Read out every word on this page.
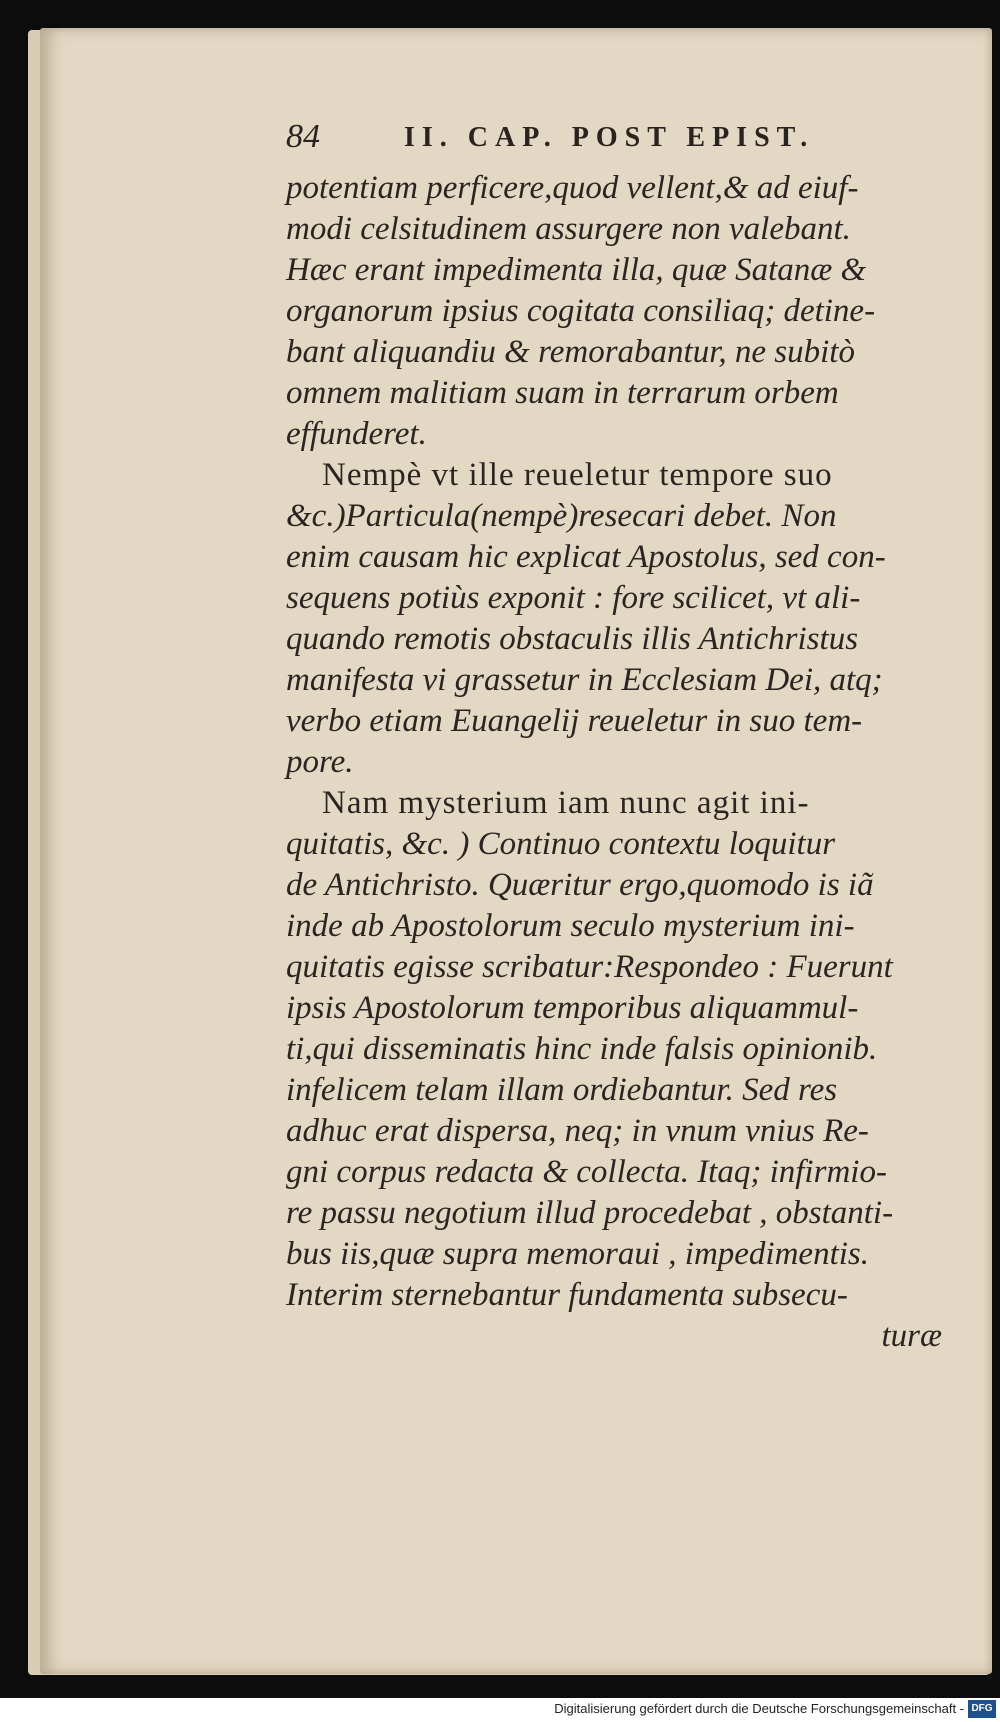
84	II. CAP. POST EPIST.
potentiam perficere,quod vellent,& ad eiuf-
modi celsitudinem assurgere non valebant.
Hæc erant impedimenta illa, quæ Satanæ &
organorum ipsius cogitata consiliaq; detine-
bant aliquandiu & remorabantur, ne subitò
omnem malitiam suam in terrarum orbem
effunderet.
Nempè vt ille reueletur tempore suo
&c.)Particula(nempè)resecari debet. Non
enim causam hic explicat Apostolus, sed con-
sequens potiùs exponit : fore scilicet, vt ali-
quando remotis obstaculis illis Antichristus
manifesta vi grassetur in Ecclesiam Dei, atq;
verbo etiam Euangelij reueletur in suo tem-
pore.
Nam mysterium iam nunc agit ini-
quitatis, &c. ) Continuo contextu loquitur
de Antichristo. Quæritur ergo,quomodo is iã
inde ab Apostolorum seculo mysterium ini-
quitatis egisse scribatur:Respondeo : Fuerunt
ipsis Apostolorum temporibus aliquammul-
ti,qui disseminatis hinc inde falsis opinionib.
infelicem telam illam ordiebantur. Sed res
adhuc erat dispersa, neq; in vnum vnius Re-
gni corpus redacta & collecta. Itaq; infirmio-
re passu negotium illud procedebat , obstanti-
bus iis,quæ supra memoraui , impedimentis.
Interim sternebantur fundamenta subsecu-
turæ
Digitalisierung gefördert durch die Deutsche Forschungsgemeinschaft - DFG
